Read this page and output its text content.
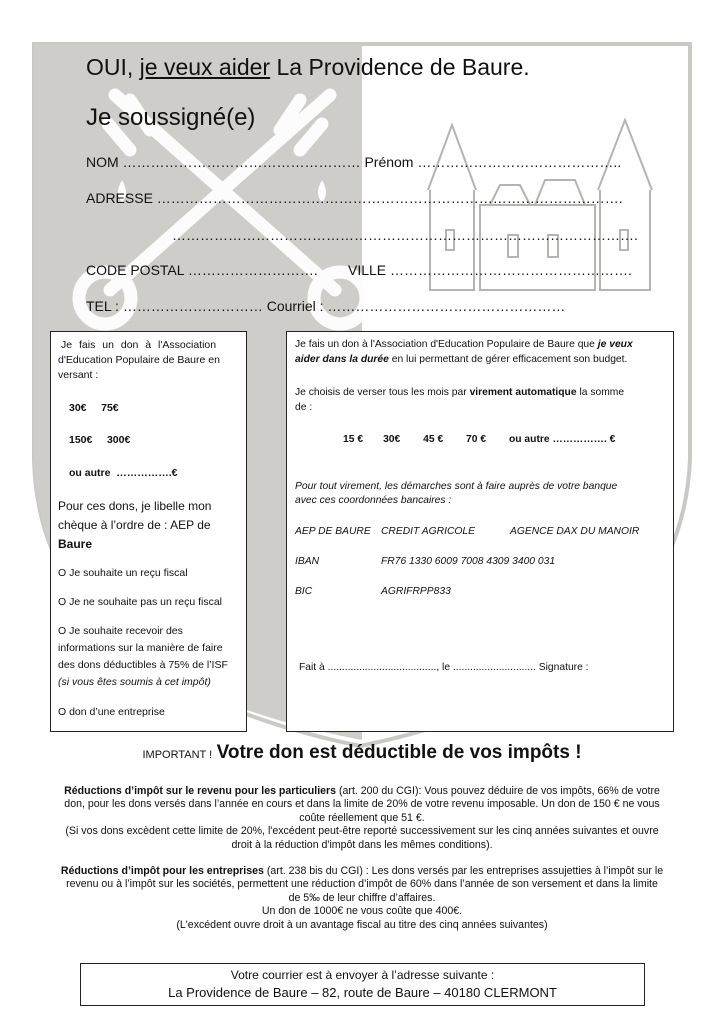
OUI, je veux aider La Providence de Baure.
Je soussigné(e)
NOM …………………………………………… Prénom ……………………………………..
ADRESSE ……………………………………………………………………………………….
……………………………………………………………………………………….
CODE POSTAL ………………………. VILLE …………………………………………….
TEL : ………………………… Courriel : ……………………………………………
Je fais un don à l'Association
d'Education Populaire de Baure en
versant :
30€     75€
150€     300€
ou autre  …………….€
Pour ces dons, je libelle mon
chèque à l’ordre de : AEP de
Baure
O Je souhaite un reçu fiscal
O Je ne souhaite pas un reçu fiscal
O Je souhaite recevoir des
informations sur la manière de faire
des dons déductibles à 75% de l’ISF
(si vous êtes soumis à cet impôt)
O don d’une entreprise
Je fais un don à l'Association d'Education Populaire de Baure que je veux
aider dans la durée en lui permettant de gérer efficacement son budget.
Je choisis de verser tous les mois par virement automatique la somme
de :
15 €       30€        45 €        70 €        ou autre ……………. €
Pour tout virement, les démarches sont à faire auprès de votre banque
avec ces coordonnées bancaires :
AEP DE BAURE CREDIT AGRICOLE	AGENCE DAX DU MANOIR
IBAN	FR76 1330 6009 7008 4309 3400 031
BIC	AGRIFRPP833
Fait à ......................................, le ............................. Signature :
IMPORTANT ! Votre don est déductible de vos impôts !
Réductions d’impôt sur le revenu pour les particuliers (art. 200 du CGI): Vous pouvez déduire de vos impôts, 66% de votre don, pour les dons versés dans l’année en cours et dans la limite de 20% de votre revenu imposable. Un don de 150 € ne vous coûte réellement que 51 €.
(Si vos dons excèdent cette limite de 20%, l'excédent peut-être reporté successivement sur les cinq années suivantes et ouvre droit à la réduction d'impôt dans les mêmes conditions).
Réductions d’impôt pour les entreprises (art. 238 bis du CGI) : Les dons versés par les entreprises assujetties à l’impôt sur le revenu ou à l’impôt sur les sociétés, permettent une réduction d’impôt de 60% dans l’année de son versement et dans la limite de 5‰ de leur chiffre d’affaires.
Un don de 1000€ ne vous coûte que 400€.
(L'excédent ouvre droit à un avantage fiscal au titre des cinq années suivantes)
Votre courrier est à envoyer à l’adresse suivante :
La Providence de Baure – 82, route de Baure – 40180 CLERMONT
